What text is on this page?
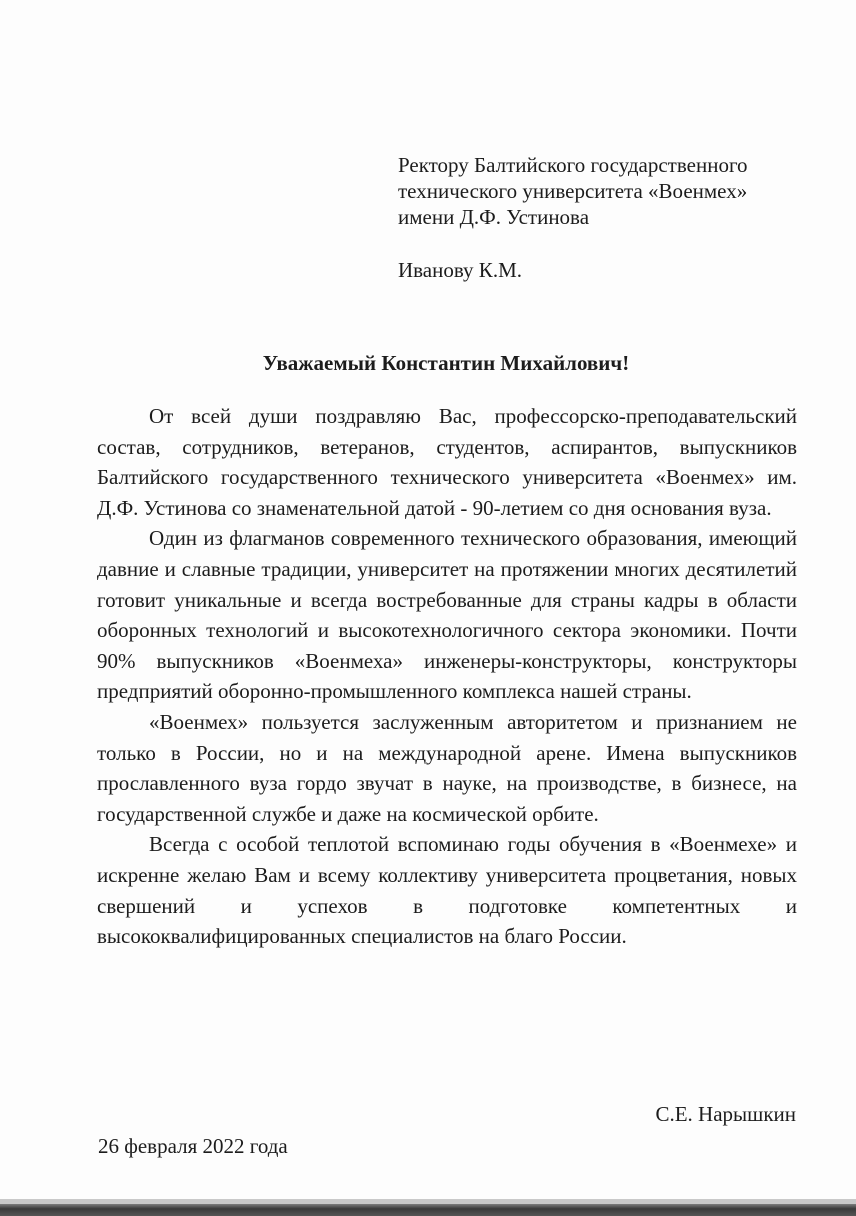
Ректору Балтийского государственного
технического университета «Военмех»
имени Д.Ф. Устинова
Иванову К.М.
Уважаемый Константин Михайлович!

От всей души поздравляю Вас, профессорско-преподавательский состав, сотрудников, ветеранов, студентов, аспирантов, выпускников Балтийского государственного технического университета «Военмех» им. Д.Ф. Устинова со знаменательной датой - 90-летием со дня основания вуза.

Один из флагманов современного технического образования, имеющий давние и славные традиции, университет на протяжении многих десятилетий готовит уникальные и всегда востребованные для страны кадры в области оборонных технологий и высокотехнологичного сектора экономики. Почти 90% выпускников «Военмеха» инженеры-конструкторы, конструкторы предприятий оборонно-промышленного комплекса нашей страны.

«Военмех» пользуется заслуженным авторитетом и признанием не только в России, но и на международной арене. Имена выпускников прославленного вуза гордо звучат в науке, на производстве, в бизнесе, на государственной службе и даже на космической орбите.

Всегда с особой теплотой вспоминаю годы обучения в «Военмехе» и искренне желаю Вам и всему коллективу университета процветания, новых свершений и успехов в подготовке компетентных и высококвалифицированных специалистов на благо России.

С.Е. Нарышкин
26 февраля 2022 года
